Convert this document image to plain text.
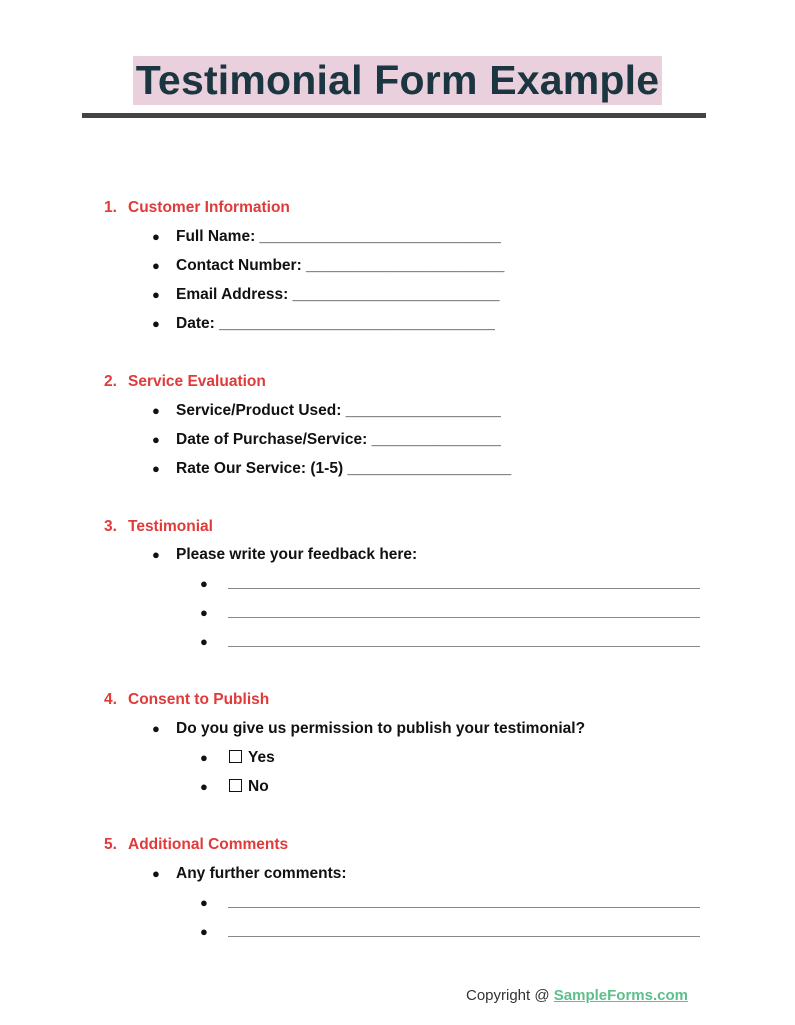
Testimonial Form Example
1. Customer Information
● Full Name: ____________________________
● Contact Number: _______________________
● Email Address: ________________________
● Date: ________________________________
2. Service Evaluation
● Service/Product Used: __________________
● Date of Purchase/Service: _______________
● Rate Our Service: (1-5) ___________________
3. Testimonial
● Please write your feedback here:
●
●
●
4. Consent to Publish
● Do you give us permission to publish your testimonial?
●	Yes
●	No
5. Additional Comments
● Any further comments:
●
●
Copyright @ SampleForms.com
